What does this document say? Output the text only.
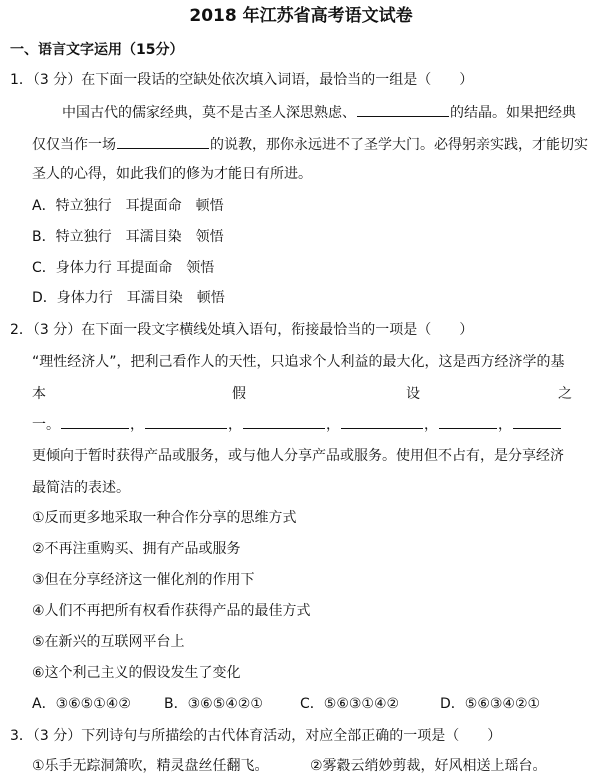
2018 年江苏省高考语文试卷
一、语言文字运用（15分）
1．（3 分）在下面一段话的空缺处依次填入词语，最恰当的一组是（　　）
中国古代的儒家经典，莫不是古圣人深思熟虑、	的结晶。如果把经典
仅仅当作一场	的说教，那你永远进不了圣学大门。必得躬亲实践，才能切实
圣人的心得，如此我们的修为才能日有所进。
A．特立独行　耳提面命　顿悟
B．特立独行　耳濡目染　领悟
C．身体力行 耳提面命　领悟
D．身体力行　耳濡目染　顿悟
2．（3 分）在下面一段文字横线处填入语句，衔接最恰当的一项是（　　）
“理性经济人”，把利己看作人的天性，只追求个人利益的最大化，这是西方经济学的基
本	假	设	之
一。	，	，	，	，	，
更倾向于暂时获得产品或服务，或与他人分享产品或服务。使用但不占有，是分享经济
最简洁的表述。
①反而更多地采取一种合作分享的思维方式
②不再注重购买、拥有产品或服务
③但在分享经济这一催化剂的作用下
④人们不再把所有权看作获得产品的最佳方式
⑤在新兴的互联网平台上
⑥这个利己主义的假设发生了变化
A．③⑥⑤①④② B．③⑥⑤④②①	C．⑤⑥③①④②	D．⑤⑥③④②①
3．（3 分）下列诗句与所描绘的古代体育活动，对应全部正确的一项是（　　）
①乐手无踪洞箫吹，精灵盘丝任翻飞。	②雾縠云绡妙剪裁，好风相送上瑶台。
